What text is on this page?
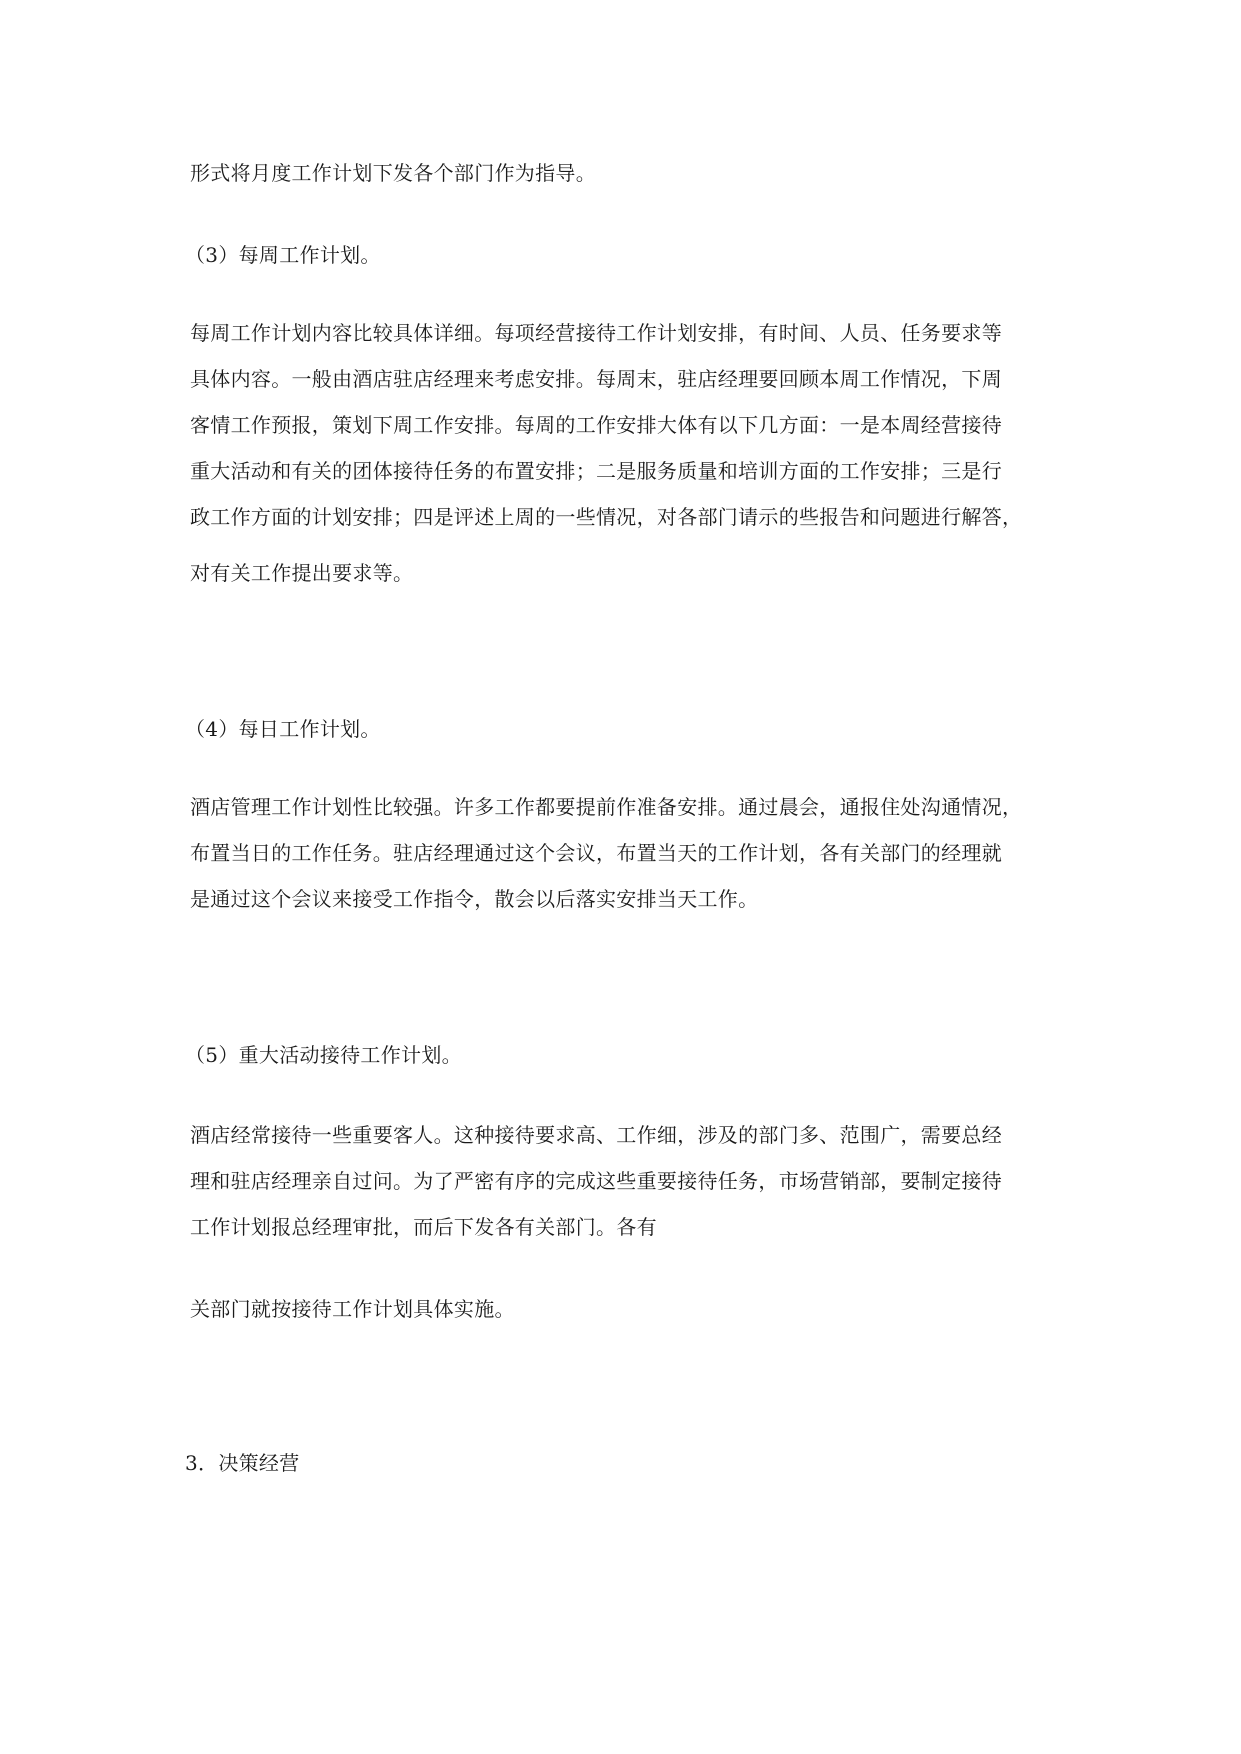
形式将月度工作计划下发各个部门作为指导。
（3）每周工作计划。
每周工作计划内容比较具体详细。每项经营接待工作计划安排，有时间、人员、任务要求等
具体内容。一般由酒店驻店经理来考虑安排。每周末，驻店经理要回顾本周工作情况，下周
客情工作预报，策划下周工作安排。每周的工作安排大体有以下几方面：一是本周经营接待
重大活动和有关的团体接待任务的布置安排；二是服务质量和培训方面的工作安排；三是行
政工作方面的计划安排；四是评述上周的一些情况，对各部门请示的些报告和问题进行解答，
对有关工作提出要求等。
（4）每日工作计划。
酒店管理工作计划性比较强。许多工作都要提前作准备安排。通过晨会，通报住处沟通情况，
布置当日的工作任务。驻店经理通过这个会议，布置当天的工作计划，各有关部门的经理就
是通过这个会议来接受工作指令，散会以后落实安排当天工作。
（5）重大活动接待工作计划。
酒店经常接待一些重要客人。这种接待要求高、工作细，涉及的部门多、范围广，需要总经
理和驻店经理亲自过问。为了严密有序的完成这些重要接待任务，市场营销部，要制定接待
工作计划报总经理审批，而后下发各有关部门。各有
关部门就按接待工作计划具体实施。
3．决策经营
